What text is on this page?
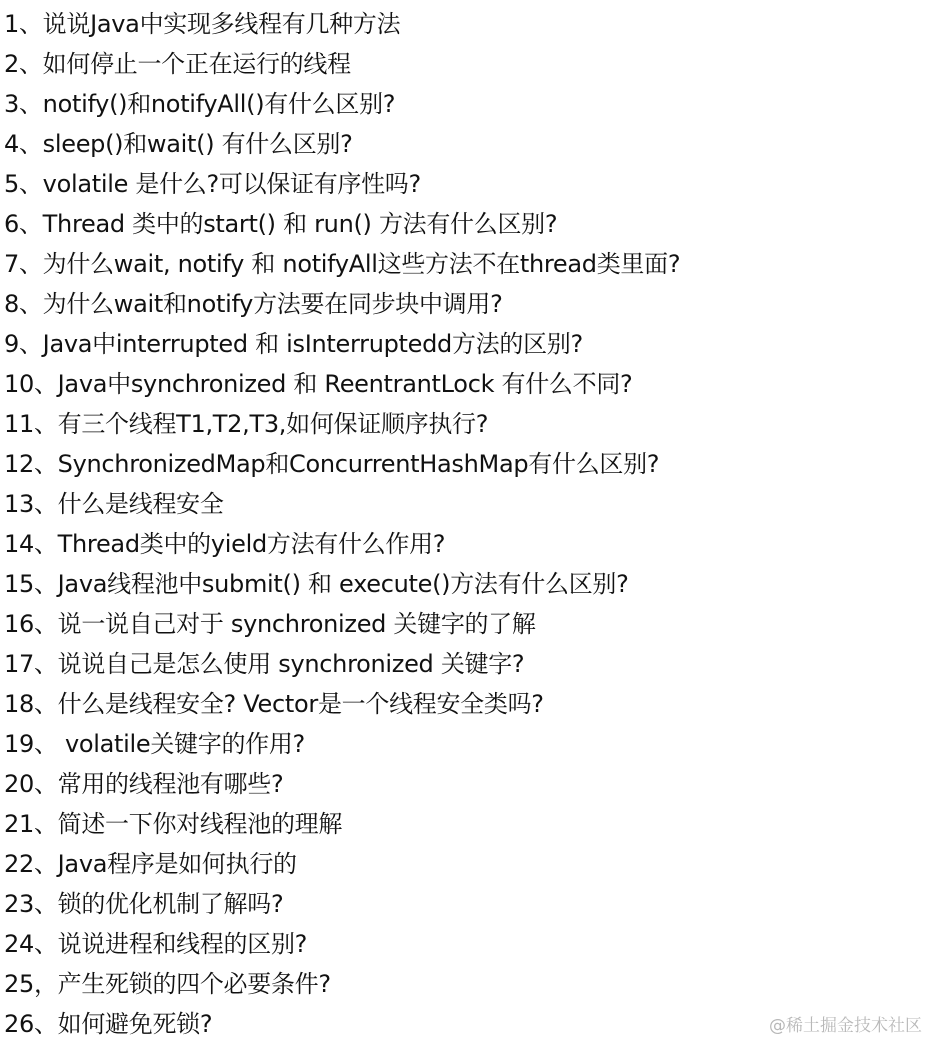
1、说说Java中实现多线程有几种方法
2、如何停止一个正在运行的线程
3、notify()和notifyAll()有什么区别?
4、sleep()和wait() 有什么区别?
5、volatile 是什么?可以保证有序性吗?
6、Thread 类中的start() 和 run() 方法有什么区别?
7、为什么wait, notify 和 notifyAll这些方法不在thread类里面?
8、为什么wait和notify方法要在同步块中调用?
9、Java中interrupted 和 isInterruptedd方法的区别?
10、Java中synchronized 和 ReentrantLock 有什么不同?
11、有三个线程T1,T2,T3,如何保证顺序执行?
12、SynchronizedMap和ConcurrentHashMap有什么区别?
13、什么是线程安全
14、Thread类中的yield方法有什么作用?
15、Java线程池中submit() 和 execute()方法有什么区别?
16、说一说自己对于 synchronized 关键字的了解
17、说说自己是怎么使用 synchronized 关键字?
18、什么是线程安全? Vector是一个线程安全类吗?
19、 volatile关键字的作用?
20、常用的线程池有哪些?
21、简述一下你对线程池的理解
22、Java程序是如何执行的
23、锁的优化机制了解吗?
24、说说进程和线程的区别?
25，产生死锁的四个必要条件?
26、如何避免死锁?	@稀土掘金技术社区
